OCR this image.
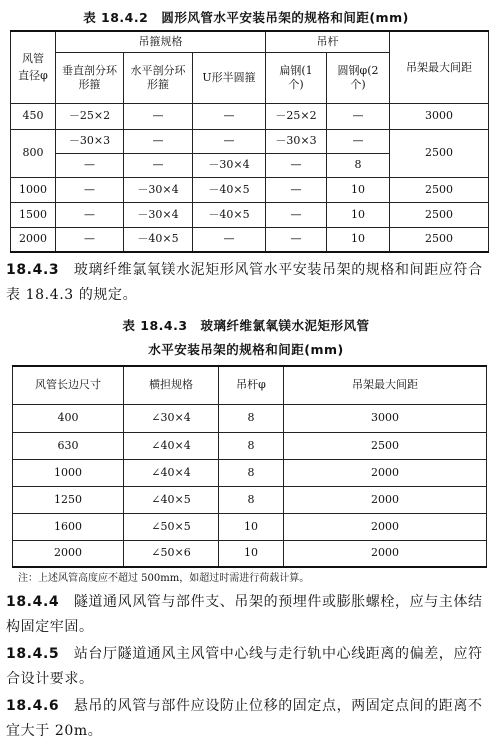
表 18.4.2　圆形风管水平安装吊架的规格和间距(mm)
风管直径φ	吊箍规格			吊杆		吊架最大间距
	垂直剖分环形箍	水平剖分环形箍	U形半圆箍	扁钢(1个)	圆钢φ(2个)	
450	－25×2	—	—	－25×2	—	3000
800	－30×3	—	—	－30×3	—	2500
	—	—	－30×4	—	8	
1000	—	－30×4	－40×5	—	10	2500
1500	—	－30×4	－40×5	—	10	2500
2000	—	－40×5	—	—	10	2500
18.4.3　 玻璃纤维氯氧镁水泥矩形风管水平安装吊架的规格和间距应符合表 18.4.3 的规定。
表 18.4.3　玻璃纤维氯氧镁水泥矩形风管
水平安装吊架的规格和间距(mm)
风管长边尺寸	横担规格	吊杆φ	吊架最大间距
400	∠30×4	8	3000
630	∠40×4	8	2500
1000	∠40×4	8	2000
1250	∠40×5	8	2000
1600	∠50×5	10	2000
2000	∠50×6	10	2000
注：上述风管高度应不超过 500mm，如超过时需进行荷载计算。
18.4.4　 隧道通风风管与部件支、吊架的预埋件或膨胀螺栓，应与主体结构固定牢固。
18.4.5　 站台厅隧道通风主风管中心线与走行轨中心线距离的偏差，应符合设计要求。
18.4.6　 悬吊的风管与部件应设防止位移的固定点，两固定点间的距离不宜大于 20m。
